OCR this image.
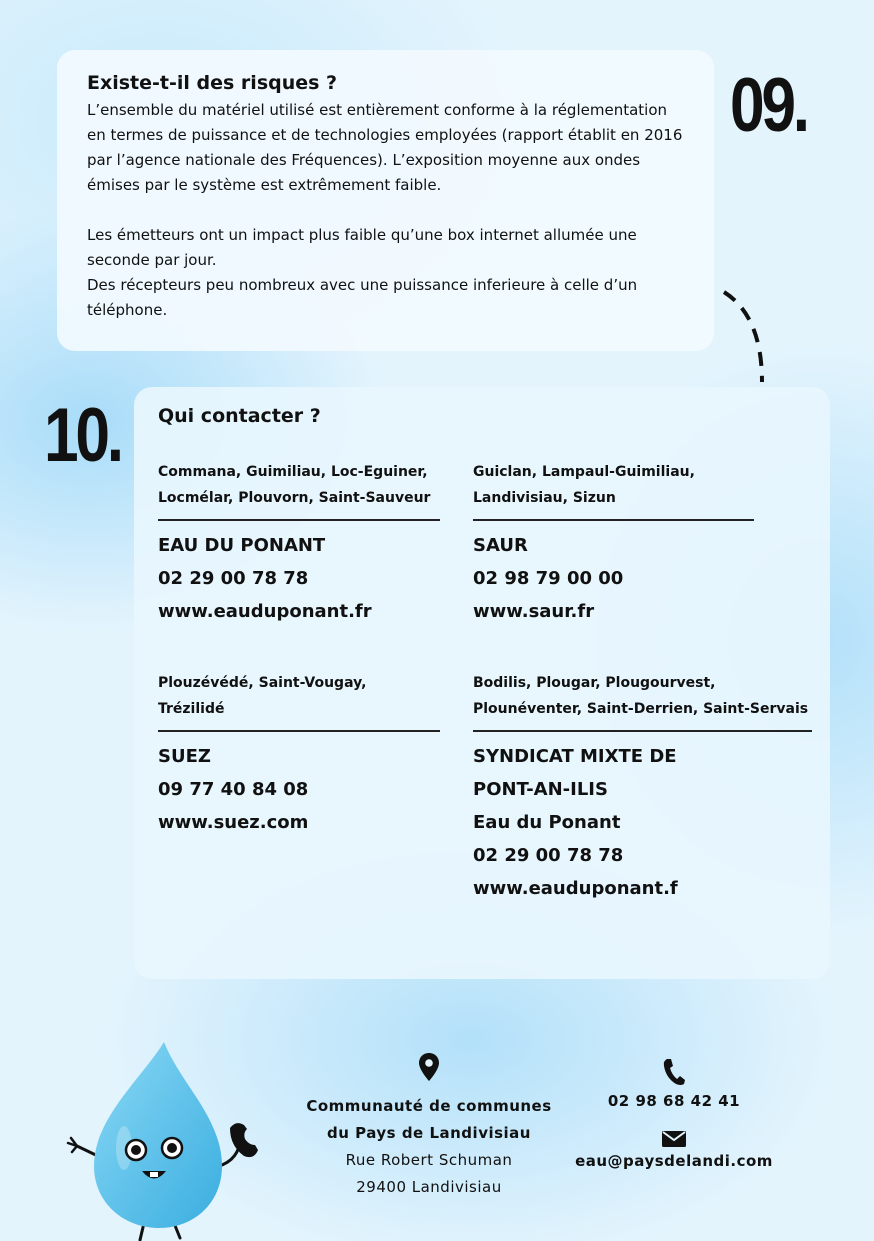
Existe-t-il des risques ?

L’ensemble du matériel utilisé est entièrement conforme à la réglementation en termes de puissance et de technologies employées (rapport établit en 2016 par l’agence nationale des Fréquences). L’exposition moyenne aux ondes émises par le système est extrêmement faible.

Les émetteurs ont un impact plus faible qu’une box internet allumée une seconde par jour.

Des récepteurs peu nombreux avec une puissance inferieure à celle d’un téléphone.

09.
10. Qui contacter ?
Commana, Guimiliau, Loc-Eguiner,
Locmélar, Plouvorn, Saint-Sauveur
EAU DU PONANT
02 29 00 78 78
www.eauduponant.fr
Guiclan, Lampaul-Guimiliau,
Landivisiau, Sizun
SAUR
02 98 79 00 00
www.saur.fr
Plouzévédé, Saint-Vougay,
Trézilidé
SUEZ
09 77 40 84 08
www.suez.com
Bodilis, Plougar, Plougourvest,
Plounéventer, Saint-Derrien, Saint-Servais
SYNDICAT MIXTE DE
PONT-AN-ILIS
Eau du Ponant
02 29 00 78 78
www.eauduponant.f
Communauté de communes
du Pays de Landivisiau
Rue Robert Schuman
29400 Landivisiau
02 98 68 42 41
eau@paysdelandi.com
